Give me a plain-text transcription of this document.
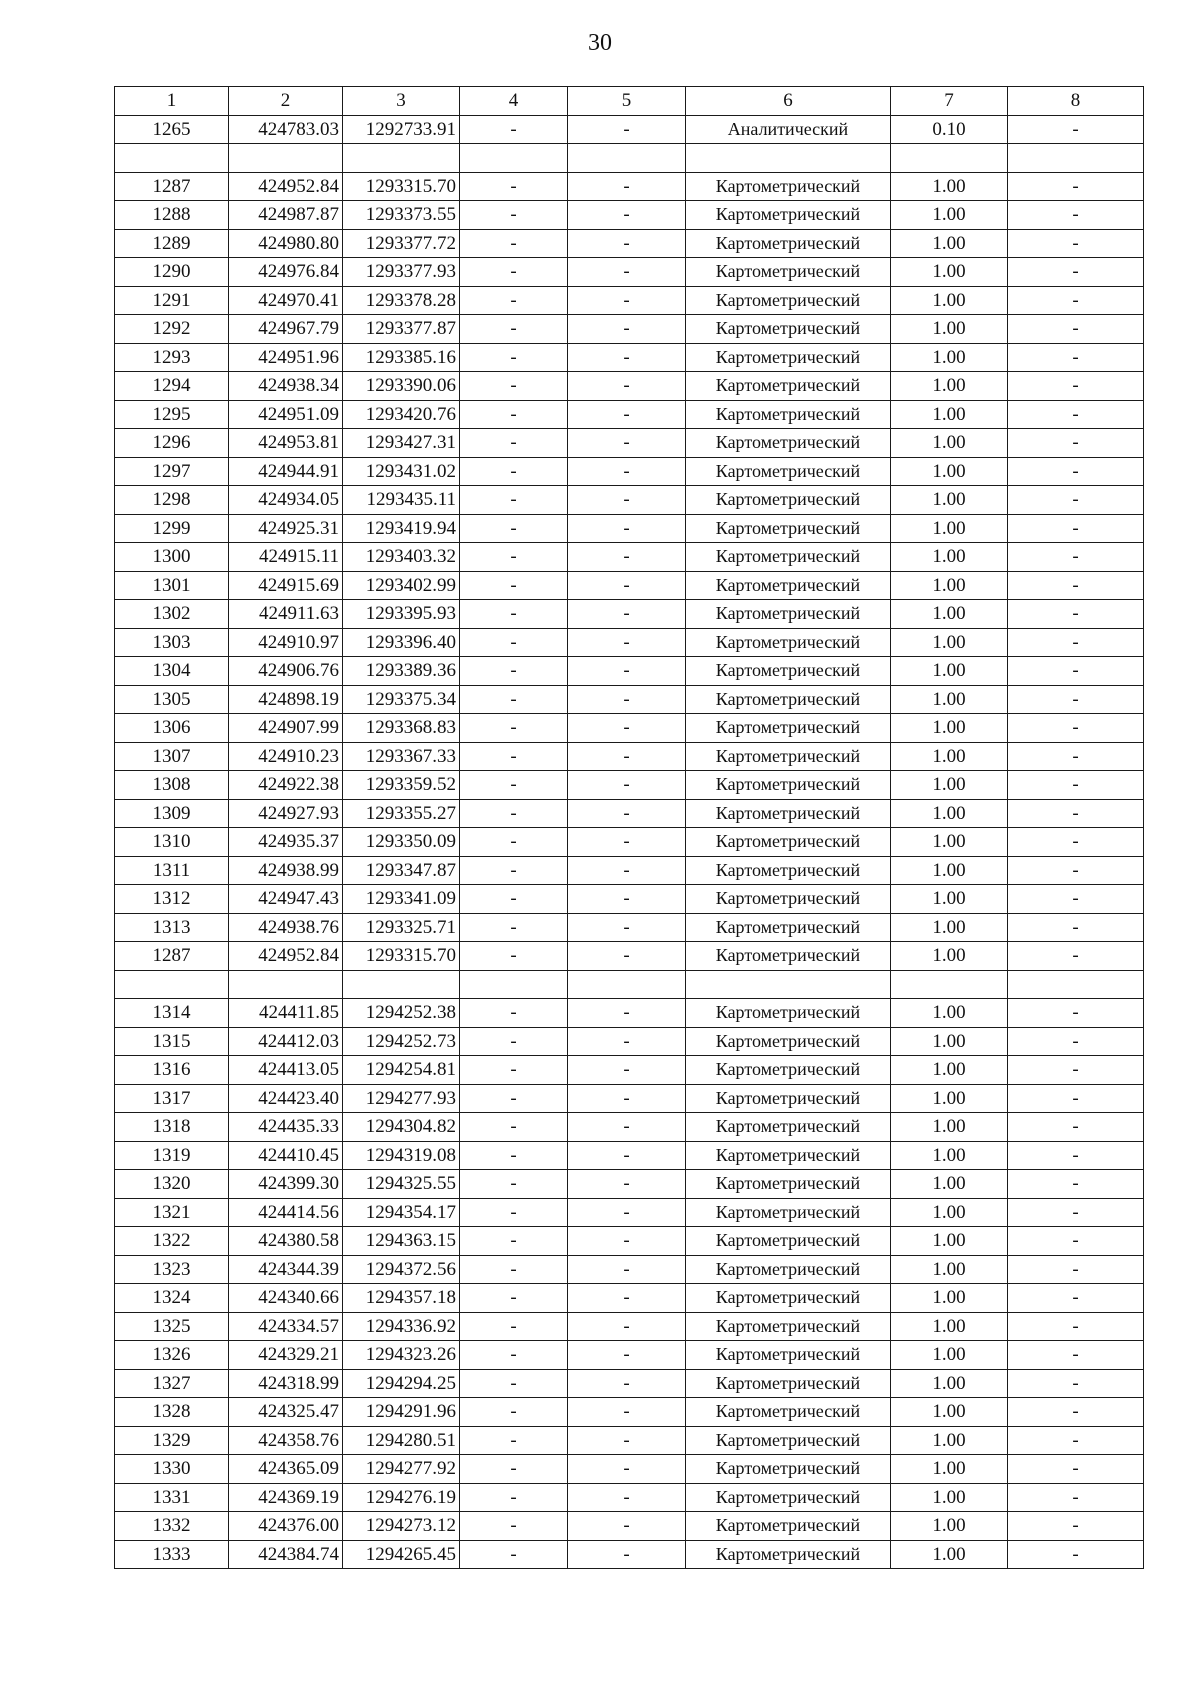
30
1	2	3	4	5	6	7	8
1265	424783.03	1292733.91	-	-	Аналитический	0.10	-

1287	424952.84	1293315.70	-	-	Картометрический	1.00	-
1288	424987.87	1293373.55	-	-	Картометрический	1.00	-
1289	424980.80	1293377.72	-	-	Картометрический	1.00	-
1290	424976.84	1293377.93	-	-	Картометрический	1.00	-
1291	424970.41	1293378.28	-	-	Картометрический	1.00	-
1292	424967.79	1293377.87	-	-	Картометрический	1.00	-
1293	424951.96	1293385.16	-	-	Картометрический	1.00	-
1294	424938.34	1293390.06	-	-	Картометрический	1.00	-
1295	424951.09	1293420.76	-	-	Картометрический	1.00	-
1296	424953.81	1293427.31	-	-	Картометрический	1.00	-
1297	424944.91	1293431.02	-	-	Картометрический	1.00	-
1298	424934.05	1293435.11	-	-	Картометрический	1.00	-
1299	424925.31	1293419.94	-	-	Картометрический	1.00	-
1300	424915.11	1293403.32	-	-	Картометрический	1.00	-
1301	424915.69	1293402.99	-	-	Картометрический	1.00	-
1302	424911.63	1293395.93	-	-	Картометрический	1.00	-
1303	424910.97	1293396.40	-	-	Картометрический	1.00	-
1304	424906.76	1293389.36	-	-	Картометрический	1.00	-
1305	424898.19	1293375.34	-	-	Картометрический	1.00	-
1306	424907.99	1293368.83	-	-	Картометрический	1.00	-
1307	424910.23	1293367.33	-	-	Картометрический	1.00	-
1308	424922.38	1293359.52	-	-	Картометрический	1.00	-
1309	424927.93	1293355.27	-	-	Картометрический	1.00	-
1310	424935.37	1293350.09	-	-	Картометрический	1.00	-
1311	424938.99	1293347.87	-	-	Картометрический	1.00	-
1312	424947.43	1293341.09	-	-	Картометрический	1.00	-
1313	424938.76	1293325.71	-	-	Картометрический	1.00	-
1287	424952.84	1293315.70	-	-	Картометрический	1.00	-

1314	424411.85	1294252.38	-	-	Картометрический	1.00	-
1315	424412.03	1294252.73	-	-	Картометрический	1.00	-
1316	424413.05	1294254.81	-	-	Картометрический	1.00	-
1317	424423.40	1294277.93	-	-	Картометрический	1.00	-
1318	424435.33	1294304.82	-	-	Картометрический	1.00	-
1319	424410.45	1294319.08	-	-	Картометрический	1.00	-
1320	424399.30	1294325.55	-	-	Картометрический	1.00	-
1321	424414.56	1294354.17	-	-	Картометрический	1.00	-
1322	424380.58	1294363.15	-	-	Картометрический	1.00	-
1323	424344.39	1294372.56	-	-	Картометрический	1.00	-
1324	424340.66	1294357.18	-	-	Картометрический	1.00	-
1325	424334.57	1294336.92	-	-	Картометрический	1.00	-
1326	424329.21	1294323.26	-	-	Картометрический	1.00	-
1327	424318.99	1294294.25	-	-	Картометрический	1.00	-
1328	424325.47	1294291.96	-	-	Картометрический	1.00	-
1329	424358.76	1294280.51	-	-	Картометрический	1.00	-
1330	424365.09	1294277.92	-	-	Картометрический	1.00	-
1331	424369.19	1294276.19	-	-	Картометрический	1.00	-
1332	424376.00	1294273.12	-	-	Картометрический	1.00	-
1333	424384.74	1294265.45	-	-	Картометрический	1.00	-
